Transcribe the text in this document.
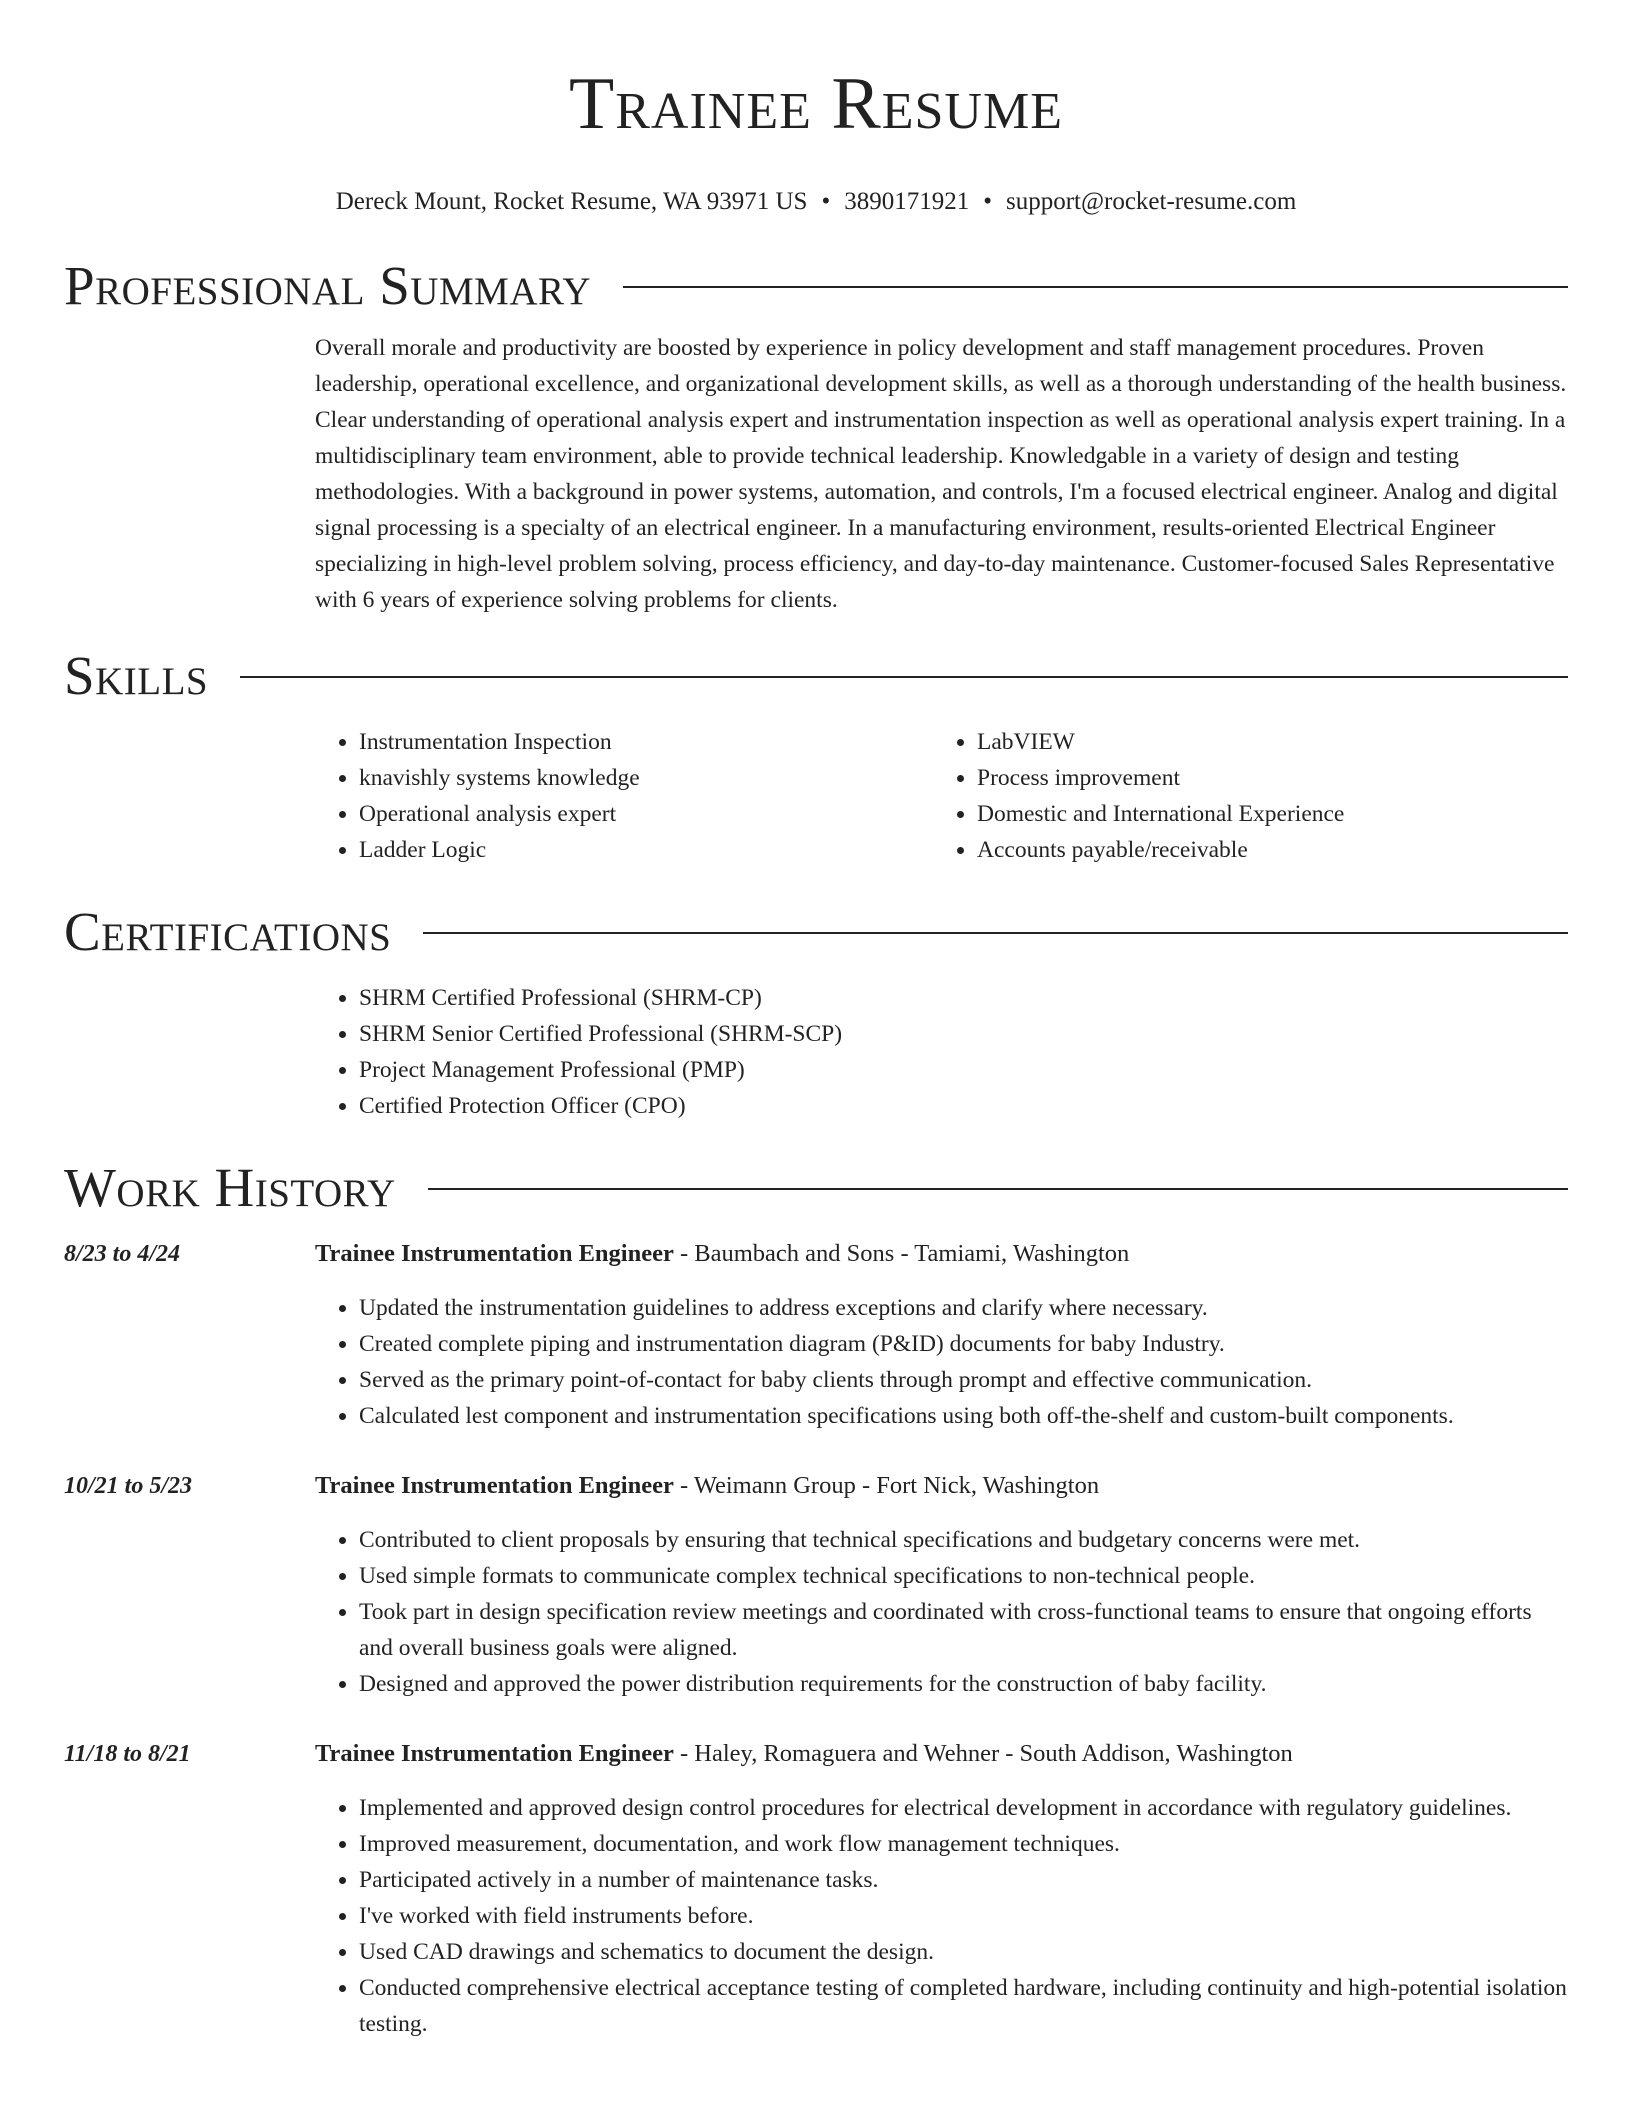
Trainee Resume
Dereck Mount, Rocket Resume, WA 93971 US • 3890171921 • support@rocket-resume.com
Professional Summary

Overall morale and productivity are boosted by experience in policy development and staff management procedures. Proven leadership, operational excellence, and organizational development skills, as well as a thorough understanding of the health business. Clear understanding of operational analysis expert and instrumentation inspection as well as operational analysis expert training. In a multidisciplinary team environment, able to provide technical leadership. Knowledgable in a variety of design and testing methodologies. With a background in power systems, automation, and controls, I'm a focused electrical engineer. Analog and digital signal processing is a specialty of an electrical engineer. In a manufacturing environment, results-oriented Electrical Engineer specializing in high-level problem solving, process efficiency, and day-to-day maintenance. Customer-focused Sales Representative with 6 years of experience solving problems for clients.

Skills
• Instrumentation Inspection
• knavishly systems knowledge
• Operational analysis expert
• Ladder Logic
• LabVIEW
• Process improvement
• Domestic and International Experience
• Accounts payable/receivable
Certifications
• SHRM Certified Professional (SHRM-CP)
• SHRM Senior Certified Professional (SHRM-SCP)
• Project Management Professional (PMP)
• Certified Protection Officer (CPO)
Work History
8/23 to 4/24	Trainee Instrumentation Engineer - Baumbach and Sons - Tamiami, Washington
• Updated the instrumentation guidelines to address exceptions and clarify where necessary.
• Created complete piping and instrumentation diagram (P&ID) documents for baby Industry.
• Served as the primary point-of-contact for baby clients through prompt and effective communication.
• Calculated lest component and instrumentation specifications using both off-the-shelf and custom-built components.
10/21 to 5/23	Trainee Instrumentation Engineer - Weimann Group - Fort Nick, Washington
• Contributed to client proposals by ensuring that technical specifications and budgetary concerns were met.
• Used simple formats to communicate complex technical specifications to non-technical people.
• Took part in design specification review meetings and coordinated with cross-functional teams to ensure that ongoing efforts and overall business goals were aligned.
• Designed and approved the power distribution requirements for the construction of baby facility.
11/18 to 8/21	Trainee Instrumentation Engineer - Haley, Romaguera and Wehner - South Addison, Washington
• Implemented and approved design control procedures for electrical development in accordance with regulatory guidelines.
• Improved measurement, documentation, and work flow management techniques.
• Participated actively in a number of maintenance tasks.
• I've worked with field instruments before.
• Used CAD drawings and schematics to document the design.
• Conducted comprehensive electrical acceptance testing of completed hardware, including continuity and high-potential isolation testing.
